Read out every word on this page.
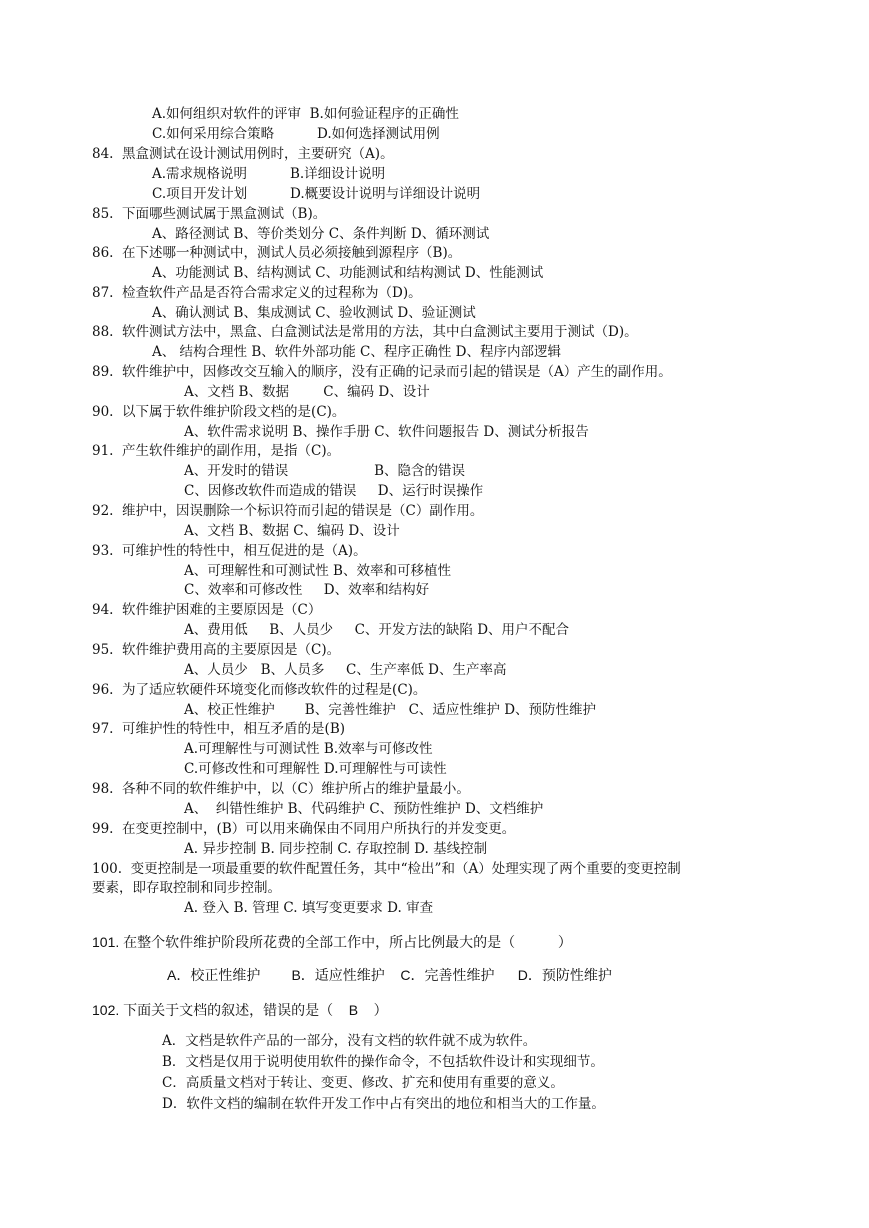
A.如何组织对软件的评审  B.如何验证程序的正确性
C.如何采用综合策略          D.如何选择测试用例
84.  黑盒测试在设计测试用例时，主要研究（A)。
A.需求规格说明          B.详细设计说明
C.项目开发计划          D.概要设计说明与详细设计说明
85.  下面哪些测试属于黑盒测试（B)。
A、路径测试 B、等价类划分 C、条件判断 D、循环测试
86.  在下述哪一种测试中，测试人员必须接触到源程序（B)。
A、功能测试 B、结构测试 C、功能测试和结构测试 D、性能测试
87.  检查软件产品是否符合需求定义的过程称为（D)。
A、确认测试 B、集成测试 C、验收测试 D、验证测试
88.  软件测试方法中，黑盒、白盒测试法是常用的方法，其中白盒测试主要用于测试（D)。
A、 结构合理性 B、软件外部功能 C、程序正确性 D、程序内部逻辑
89.  软件维护中，因修改交互输入的顺序，没有正确的记录而引起的错误是（A）产生的副作用。
A、文档 B、数据        C、编码 D、设计
90.  以下属于软件维护阶段文档的是(C)。
A、软件需求说明 B、操作手册 C、软件问题报告 D、测试分析报告
91.  产生软件维护的副作用，是指（C)。
A、开发时的错误                    B、隐含的错误
C、因修改软件而造成的错误     D、运行时误操作
92.  维护中，因误删除一个标识符而引起的错误是（C）副作用。
A、文档 B、数据 C、编码 D、设计
93.  可维护性的特性中，相互促进的是（A)。
A、可理解性和可测试性 B、效率和可移植性
C、效率和可修改性     D、效率和结构好
94.  软件维护困难的主要原因是（C）
A、费用低     B、人员少     C、开发方法的缺陷 D、用户不配合
95.  软件维护费用高的主要原因是（C)。
A、人员少   B、人员多     C、生产率低 D、生产率高
96.  为了适应软硬件环境变化而修改软件的过程是(C)。
A、校正性维护       B、完善性维护   C、适应性维护 D、预防性维护
97.  可维护性的特性中，相互矛盾的是(B)
A.可理解性与可测试性 B.效率与可修改性
C.可修改性和可理解性 D.可理解性与可读性
98.  各种不同的软件维护中，以（C）维护所占的维护量最小。
A、  纠错性维护 B、代码维护 C、预防性维护 D、文档维护
99.  在变更控制中，(B）可以用来确保由不同用户所执行的并发变更。
A. 异步控制 B. 同步控制 C. 存取控制 D. 基线控制
100.  变更控制是一项最重要的软件配置任务，其中“检出”和（A）处理实现了两个重要的变更控制
要素，即存取控制和同步控制。
A. 登入 B. 管理 C. 填写变更要求 D. 审查
101. 在整个软件维护阶段所花费的全部工作中，所占比例最大的是（           ）
A．校正性维护        B．适应性维护    C．完善性维护      D．预防性维护
102. 下面关于文档的叙述，错误的是（    B    ）
A．文档是软件产品的一部分，没有文档的软件就不成为软件。
B．文档是仅用于说明使用软件的操作命令，不包括软件设计和实现细节。
C．高质量文档对于转让、变更、修改、扩充和使用有重要的意义。
D．软件文档的编制在软件开发工作中占有突出的地位和相当大的工作量。
